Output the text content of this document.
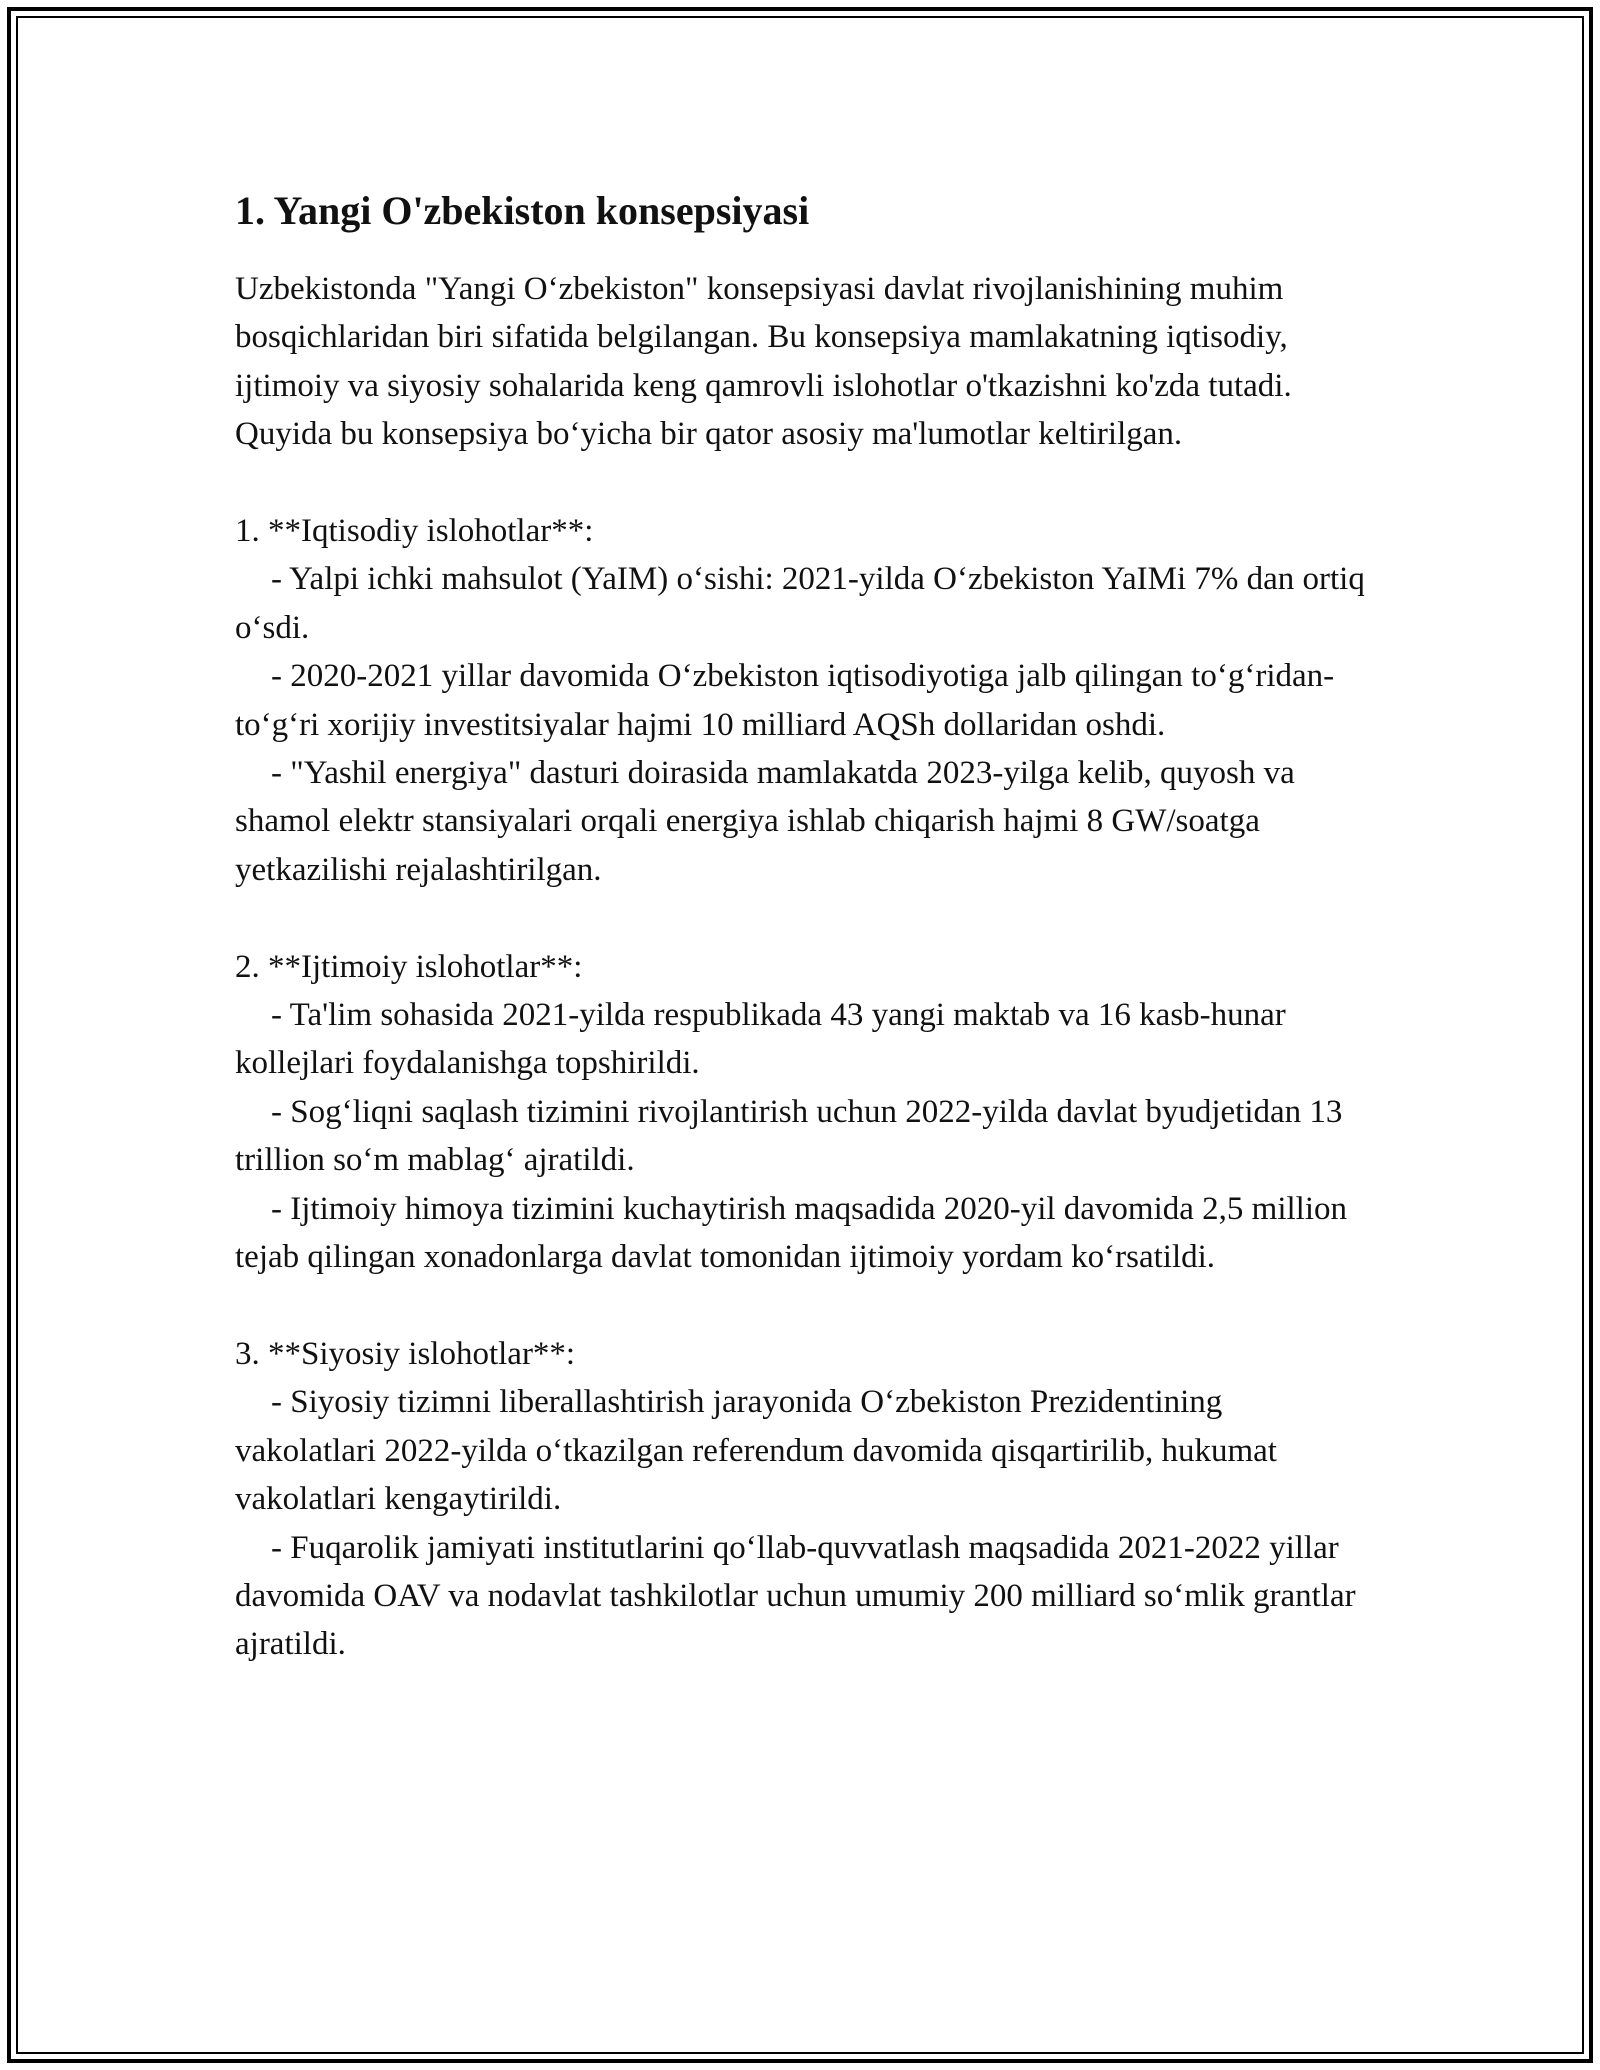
1. Yangi O'zbekiston konsepsiyasi

Uzbekistonda "Yangi O‘zbekiston" konsepsiyasi davlat rivojlanishining muhim bosqichlaridan biri sifatida belgilangan. Bu konsepsiya mamlakatning iqtisodiy, ijtimoiy va siyosiy sohalarida keng qamrovli islohotlar o'tkazishni ko'zda tutadi. Quyida bu konsepsiya bo‘yicha bir qator asosiy ma'lumotlar keltirilgan.

1. **Iqtisodiy islohotlar**:

- Yalpi ichki mahsulot (YaIM) o‘sishi: 2021-yilda O‘zbekiston YaIMi 7% dan ortiq o‘sdi.

- 2020-2021 yillar davomida O‘zbekiston iqtisodiyotiga jalb qilingan to‘g‘ridan-to‘g‘ri xorijiy investitsiyalar hajmi 10 milliard AQSh dollaridan oshdi.

- "Yashil energiya" dasturi doirasida mamlakatda 2023-yilga kelib, quyosh va shamol elektr stansiyalari orqali energiya ishlab chiqarish hajmi 8 GW/soatga yetkazilishi rejalashtirilgan.

2. **Ijtimoiy islohotlar**:

- Ta'lim sohasida 2021-yilda respublikada 43 yangi maktab va 16 kasb-hunar kollejlari foydalanishga topshirildi.

- Sog‘liqni saqlash tizimini rivojlantirish uchun 2022-yilda davlat byudjetidan 13 trillion so‘m mablag‘ ajratildi.

- Ijtimoiy himoya tizimini kuchaytirish maqsadida 2020-yil davomida 2,5 million tejab qilingan xonadonlarga davlat tomonidan ijtimoiy yordam ko‘rsatildi.

3. **Siyosiy islohotlar**:

- Siyosiy tizimni liberallashtirish jarayonida O‘zbekiston Prezidentining vakolatlari 2022-yilda o‘tkazilgan referendum davomida qisqartirilib, hukumat vakolatlari kengaytirildi.

- Fuqarolik jamiyati institutlarini qo‘llab-quvvatlash maqsadida 2021-2022 yillar davomida OAV va nodavlat tashkilotlar uchun umumiy 200 milliard so‘mlik grantlar ajratildi.
